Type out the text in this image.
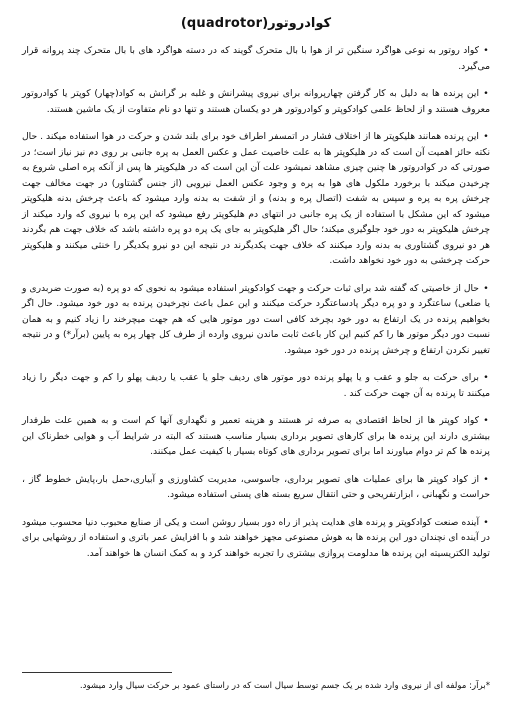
کوادروتور(quadrotor)

•کواد روتور به نوعی هواگرد سنگین تر از هوا با بال متحرک گویند که در دسته هواگرد های با بال متحرک چند پروانه قرار می‌گیرد.

•این پرنده ها به دلیل به کار گرفتن چهارپروانه برای نیروی پیشرانش و غلبه بر گرانش به کواد(چهار) کوپتر یا کوادروتور معروف هستند و از لحاظ علمی کوادکوپتر و کوادروتور هر دو یکسان هستند و تنها دو نام متفاوت از یک ماشین هستند.

•این پرنده همانند هلیکوپتر ها از اختلاف فشار در اتمسفر اطراف خود برای بلند شدن و حرکت در هوا استفاده میکند . حال نکته حائز اهمیت آن است که در هلیکوپتر ها به علت خاصیت عمل و عکس العمل به پره جانبی بر روی دم نیز نیاز است؛ در صورتی که در کوادروتور ها چنین چیزی مشاهد نمیشود علت آن این است که در هلیکوپتر ها پس از آنکه پره اصلی شروع به چرخیدن میکند با برخورد ملکول های هوا به پره و وجود عکس العمل نیرویی (از جنس گشتاور) در جهت مخالف جهت چرخش پره به پره و سپس به شفت (اتصال پره و بدنه) و از شفت به بدنه وارد میشود که باعث چرخش بدنه هلیکوپتر میشود که این مشکل با استفاده از یک پره جانبی در انتهای دم هلیکوپتر رفع میشود که این پره با نیروی که وارد میکند از چرخش هلیکوپتر به دور خود جلوگیری میکند؛ حال اگر هلیکوپتر به جای یک پره دو پره داشته باشد که خلاف جهت هم بگردند هر دو نیروی گشتاوری به بدنه وارد میکنند که خلاف جهت یکدیگرند در نتیجه این دو نیرو یکدیگر را خنثی میکنند و هلیکوپتر حرکت چرخشی به دور خود نخواهد داشت.

•حال از خاصیتی که گفته شد برای ثبات حرکت و جهت کوادکوپتر استفاده میشود به نحوی که دو پره (به صورت ضربدری و یا ضلعی) ساعتگرد و دو پره دیگر پادساعتگرد حرکت میکنند و این عمل باعث نچرخیدن پرنده به دور خود میشود. حال اگر بخواهیم پرنده در یک ارتفاع به دور خود بچرخد کافی است دور موتور هایی که هم جهت میچرخند را زیاد کنیم و به همان نسبت دور دیگر موتور ها را کم کنیم این کار باعث ثابت ماندن نیروی وارده از طرف کل چهار پره به پایین (برآر*) و در نتیجه تغییر نکردن ارتفاع و چرخش پرنده در دور خود میشود.

•برای حرکت به جلو و عقب و یا پهلو پرنده دور موتور های ردیف جلو یا عقب یا ردیف پهلو را کم و جهت دیگر را زیاد میکنند تا پرنده به آن جهت حرکت کند .

•کواد کوپتر ها از لحاظ اقتصادی به صرفه تر هستند و هزینه تعمیر و نگهداری آنها کم است و به همین علت طرفدار بیشتری دارند این پرنده ها برای کارهای تصویر برداری بسیار مناسب هستند که البته در شرایط آب و هوایی خطرناک این پرنده ها کم تر دوام میاورند اما برای تصویر برداری های کوتاه بسیار با کیفیت عمل میکنند.

•از کواد کوپتر ها برای عملیات های تصویر برداری، جاسوسی، مدیریت کشاورزی و آبیاری،حمل بار،پایش خطوط گاز ، حراست و نگهبانی ، ابزارتفریحی و حتی انتقال سریع بسته های پستی استفاده میشود.

•آینده صنعت کوادکوپتر و پرنده های هدایت پذیر از راه دور بسیار روشن است و یکی از صنایع محبوب دنیا محسوب میشود در آینده ای نچندان دور این پرنده ها به هوش مصنوعی مجهز خواهند شد و با افزایش عمر باتری و استفاده از روشهایی برای تولید الکتریسیته این پرنده ها مدلومت پروازی بیشتری را تجربه خواهند کرد و به کمک انسان ها خواهند آمد.

*برآر: مولفه ای از نیروی وارد شده بر یک جسم توسط سیال است که در راستای عمود بر حرکت سیال وارد میشود.
